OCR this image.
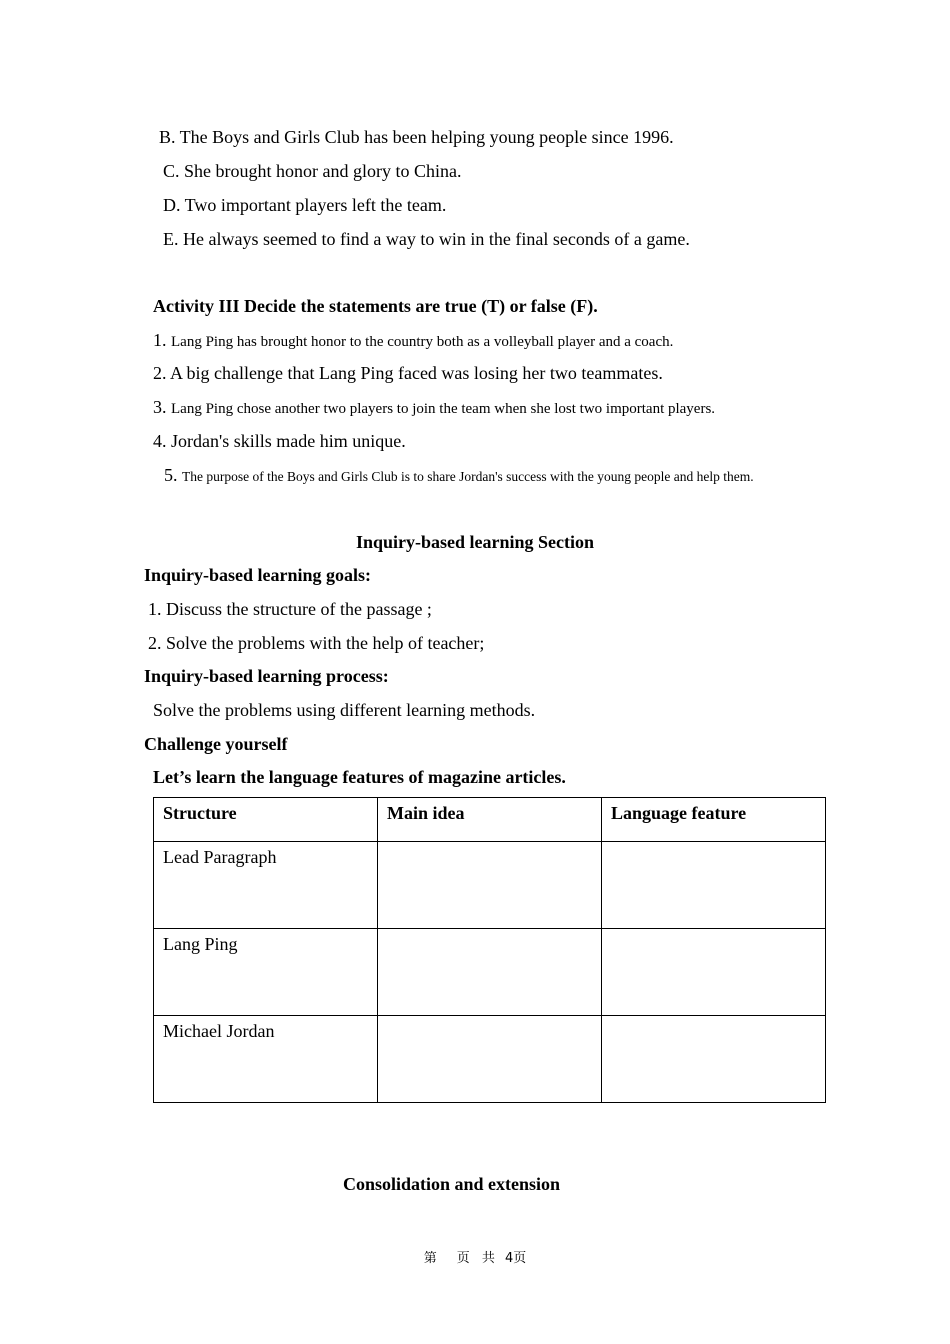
B. The Boys and Girls Club has been helping young people since 1996.
C. She brought honor and glory to China.
D. Two important players left the team.
E. He always seemed to find a way to win in the final seconds of a game.
Activity III Decide the statements are true (T) or false (F).
1. Lang Ping has brought honor to the country both as a volleyball player and a coach.
2. A big challenge that Lang Ping faced was losing her two teammates.
3. Lang Ping chose another two players to join the team when she lost two important players.
4. Jordan's skills made him unique.
5. The purpose of the Boys and Girls Club is to share Jordan's success with the young people and help them.
Inquiry-based learning Section
Inquiry-based learning goals:
1. Discuss the structure of the passage ;
2. Solve the problems with the help of teacher;
Inquiry-based learning process:
Solve the problems using different learning methods.
Challenge yourself
Let’s learn the language features of magazine articles.
Structure	Main idea	Language feature
Lead Paragraph		
Lang Ping		
Michael Jordan		
Consolidation and extension
第 页 共 4页
